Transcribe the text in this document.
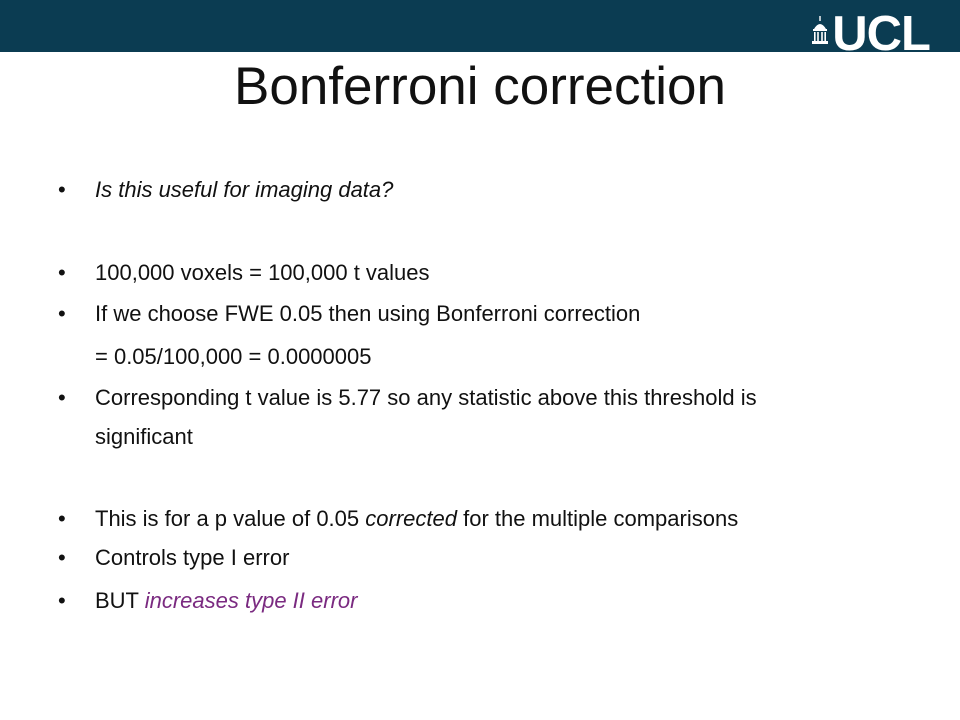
UCL
Bonferroni correction
• Is this useful for imaging data?
• 100,000 voxels = 100,000 t values
• If we choose FWE 0.05 then using Bonferroni correction
= 0.05/100,000 = 0.0000005
• Corresponding t value is 5.77 so any statistic above this threshold is
significant
• This is for a p value of 0.05 corrected for the multiple comparisons
• Controls type I error
• BUT increases type II error
